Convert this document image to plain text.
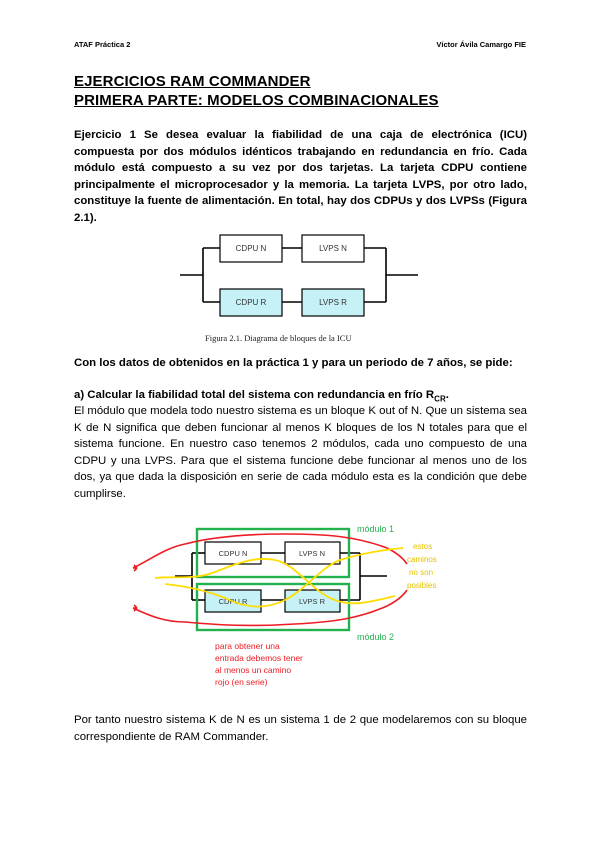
ATAF Práctica 2	Víctor Ávila Camargo FIE
EJERCICIOS RAM COMMANDER
PRIMERA PARTE: MODELOS COMBINACIONALES
Ejercicio 1 Se desea evaluar la fiabilidad de una caja de electrónica (ICU) compuesta por dos módulos idénticos trabajando en redundancia en frío. Cada módulo está compuesto a su vez por dos tarjetas. La tarjeta CDPU contiene principalmente el microprocesador y la memoria. La tarjeta LVPS, por otro lado, constituye la fuente de alimentación. En total, hay dos CDPUs y dos LVPSs (Figura 2.1).
CDPU N	LVPS N
CDPU R	LVPS R
Figura 2.1. Diagrama de bloques de la ICU
Con los datos de obtenidos en la práctica 1 y para un periodo de 7 años, se pide:
a) Calcular la fiabilidad total del sistema con redundancia en frío $R_{CR}$.
El módulo que modela todo nuestro sistema es un bloque K out of N. Que un sistema sea K de N significa que deben funcionar al menos K bloques de los N totales para que el sistema funcione. En nuestro caso tenemos 2 módulos, cada uno compuesto de una CDPU y una LVPS. Para que el sistema funcione debe funcionar al menos uno de los dos, ya que dada la disposición en serie de cada módulo esta es la condición que debe cumplirse.
CDPU N	LVPS N
CDPU R	LVPS R
módulo 1
módulo 2
estos
caminos
no son
posibles
para obtener una
entrada debemos tener
al menos un camino
rojo (en serie)
Por tanto nuestro sistema K de N es un sistema 1 de 2 que modelaremos con su bloque correspondiente de RAM Commander.
